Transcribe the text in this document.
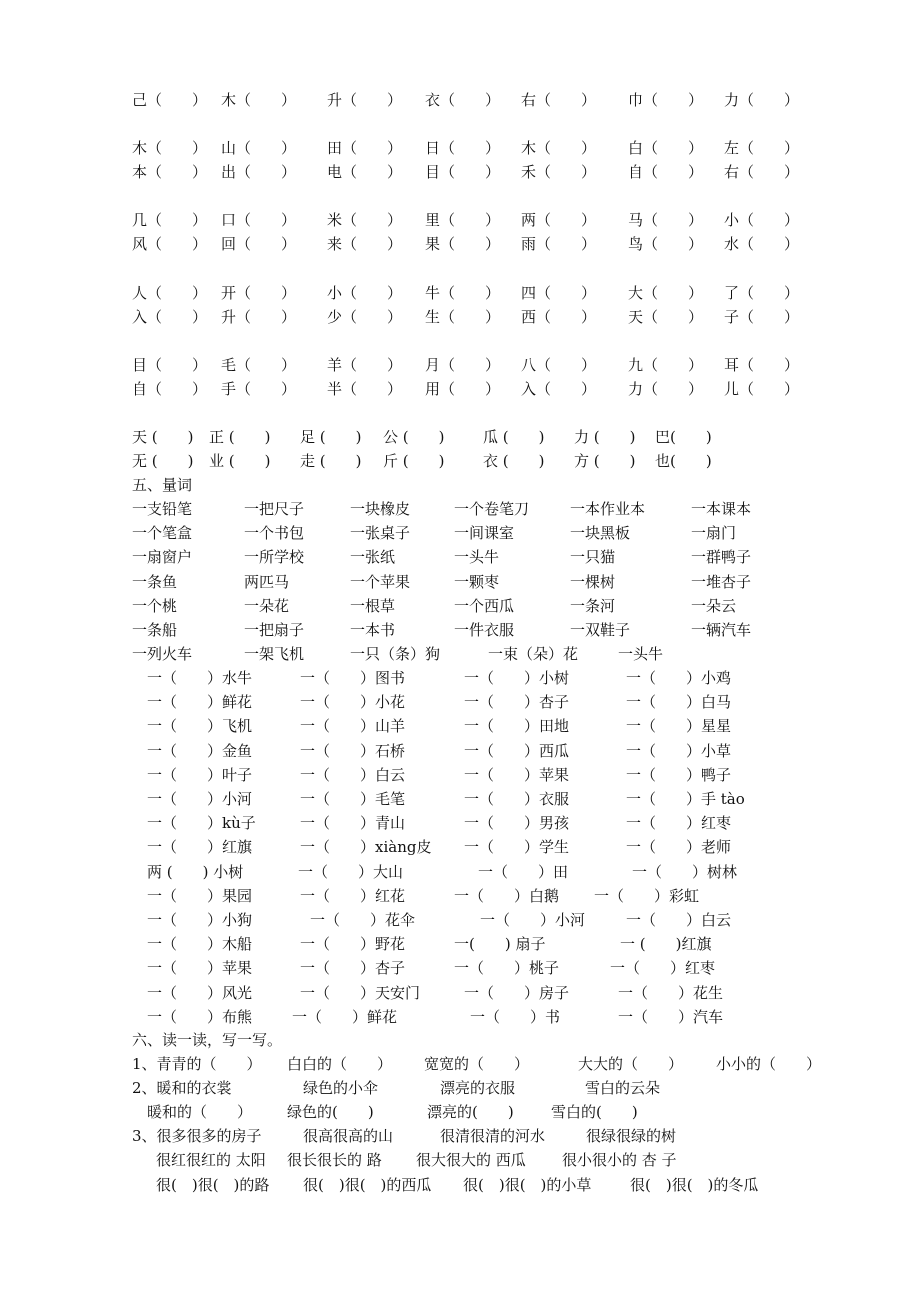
己（　　） 木（　　） 升（　　） 衣（　　） 右（　　） 巾（　　） 力（　　）
木（　　） 山（　　） 田（　　） 日（　　） 木（　　） 白（　　） 左（　　）
本（　　） 出（　　） 电（　　） 目（　　） 禾（　　） 自（　　） 右（　　）
几（　　） 口（　　） 米（　　） 里（　　） 两（　　） 马（　　） 小（　　）
风（　　） 回（　　） 来（　　） 果（　　） 雨（　　） 鸟（　　） 水（　　）
人（　　） 开（　　） 小（　　） 牛（　　） 四（　　） 大（　　） 了（　　）
入（　　） 升（　　） 少（　　） 生（　　） 西（　　） 天（　　） 子（　　）
目（　　） 毛（　　） 羊（　　） 月（　　） 八（　　） 九（　　） 耳（　　）
自（　　） 手（　　） 半（　　） 用（　　） 入（　　） 力（　　） 儿（　　）
天 (　　) 正 (　　) 足 (　　) 公 (　　)	瓜 (　　) 力 (　　) 巴(　　)
无 (　　) 业 (　　) 走 (　　) 斤 (　　)	衣 (　　) 方 (　　) 也(　　)
五、量词
一支铅笔	一把尺子	一块橡皮	一个卷笔刀	一本作业本	一本课本
一个笔盒	一个书包	一张桌子	一间课室	一块黑板	一扇门
一扇窗户	一所学校	一张纸	一头牛	一只猫	一群鸭子
一条鱼	两匹马	一个苹果	一颗枣	一棵树	一堆杏子
一个桃	一朵花	一根草	一个西瓜	一条河	一朵云
一条船	一把扇子	一本书	一件衣服	一双鞋子	一辆汽车
一列火车	一架飞机	一只（条）狗	一束（朵）花	一头牛
一（　　）水牛	一（　　）图书	一（　　）小树	一（　　）小鸡
一（　　）鲜花	一（　　）小花	一（　　）杏子	一（　　）白马
一（　　）飞机	一（　　）山羊	一（　　）田地	一（　　）星星
一（　　）金鱼	一（　　）石桥	一（　　）西瓜	一（　　）小草
一（　　）叶子	一（　　）白云	一（　　）苹果	一（　　）鸭子
一（　　）小河	一（　　）毛笔	一（　　）衣服	一（　　）手 tào
一（　　）kù子	一（　　）青山	一（　　）男孩	一（　　）红枣
一（　　）红旗	一（　　）xiàng皮 一（　　）学生	一（　　）老师
两 (　　) 小树	一（　　）大山	一（　　）田	一（　　）树林
一（　　）果园	一（　　）红花	一（　　）白鹅 一（　　）彩虹
一（　　）小狗	一（　　）花伞	一（　　）小河	一（　　）白云
一（　　）木船	一（　　）野花	一(　　) 扇子	一 (　　)红旗
一（　　）苹果	一（　　）杏子	一（　　）桃子	一（　　）红枣
一（　　）风光	一（　　）天安门	一（　　）房子	一（　　）花生
一（　　）布熊	一（　　）鲜花	一（　　）书	一（　　）汽车
六、读一读，写一写。
1、青青的（　　） 白白的（　　） 宽宽的（　　）	大大的（　　） 小小的（　　）
2、暖和的衣裳	绿色的小伞	漂亮的衣服	雪白的云朵
暖和的（　　） 绿色的(　　)	漂亮的(　　) 雪白的(　　)
3、很多很多的房子	很高很高的山	很清很清的河水	很绿很绿的树
很红很红的 太阳 很长很长的 路 很大很大的 西瓜 很小很小的 杏 子
很(　)很(　)的路 很(　)很(　)的西瓜 很(　)很(　)的小草	很(　)很(　)的冬瓜
